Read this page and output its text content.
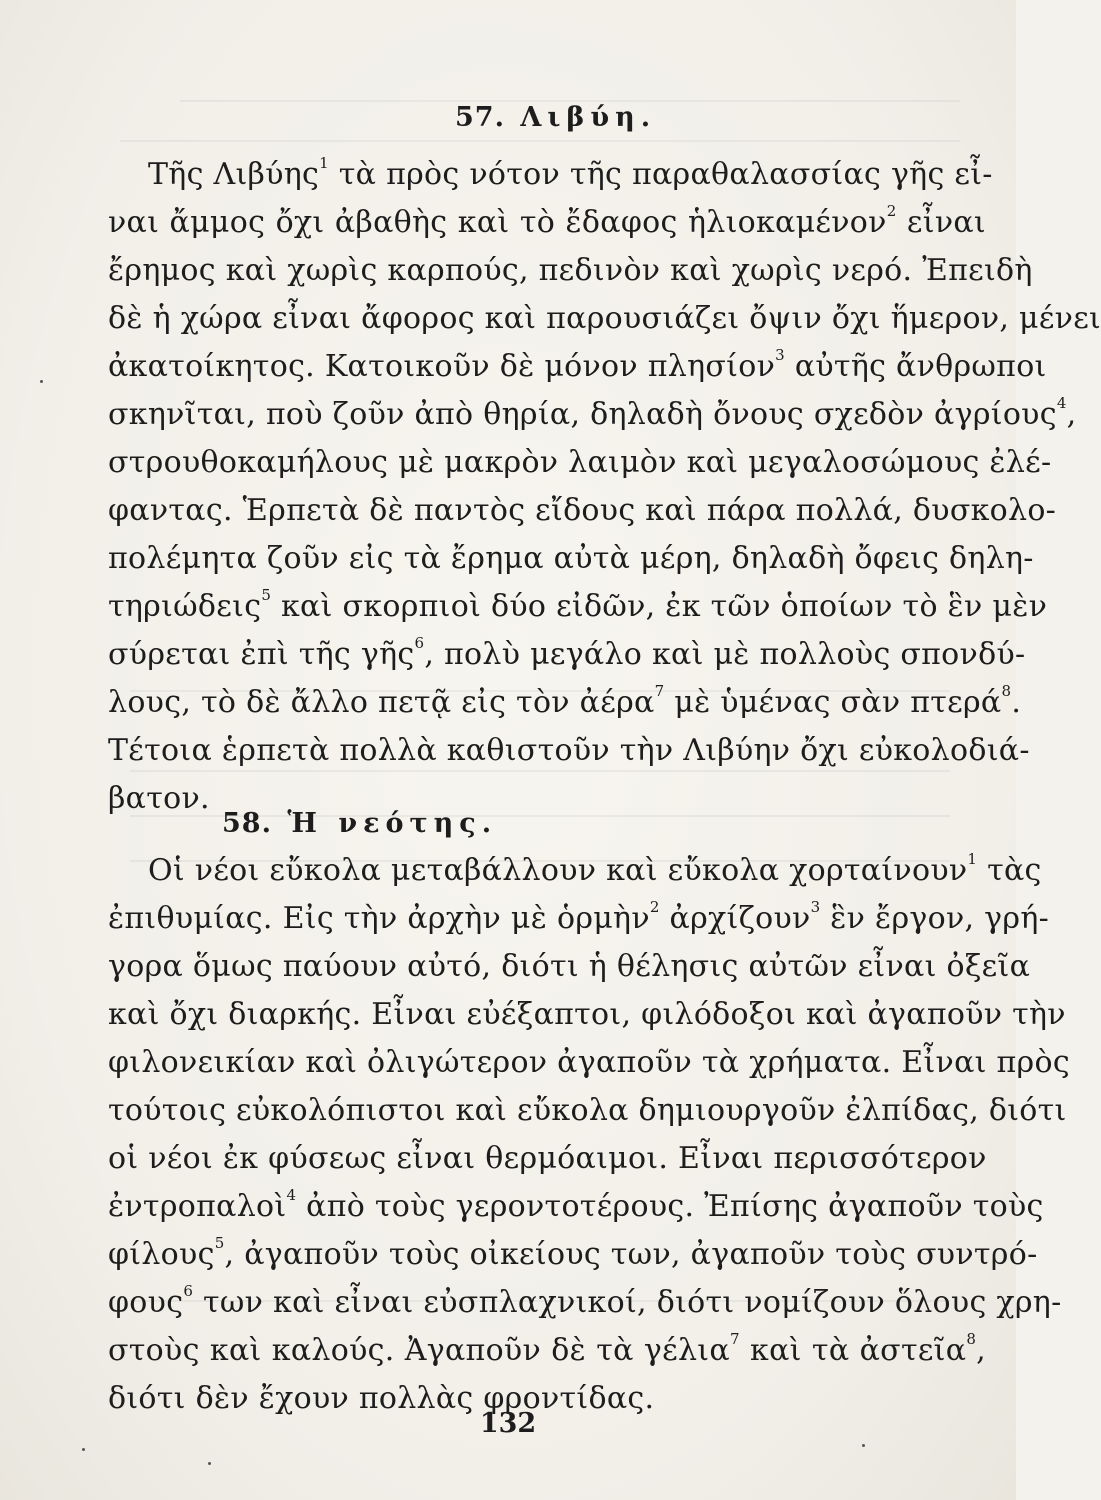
57. Λιβύη.
Τῆς Λιβύης$^1$ τὰ πρὸς νότον τῆς παραθαλασσίας γῆς εἶ-
ναι ἄμμος ὄχι ἀβαθὴς καὶ τὸ ἔδαφος ἡλιοκαμένον$^2$ εἶναι
ἔρημος καὶ χωρὶς καρπούς, πεδινὸν καὶ χωρὶς νερό. Ἐπειδὴ
δὲ ἡ χώρα εἶναι ἄφορος καὶ παρουσιάζει ὄψιν ὄχι ἥμερον, μένει
ἀκατοίκητος. Κατοικοῦν δὲ μόνον πλησίον$^3$ αὐτῆς ἄνθρωποι
σκηνῖται, ποὺ ζοῦν ἀπὸ θηρία, δηλαδὴ ὄνους σχεδὸν ἀγρίους$^4$,
στρουθοκαμήλους μὲ μακρὸν λαιμὸν καὶ μεγαλοσώμους ἐλέ-
φαντας. Ἑρπετὰ δὲ παντὸς εἴδους καὶ πάρα πολλά, δυσκολο-
πολέμητα ζοῦν εἰς τὰ ἔρημα αὐτὰ μέρη, δηλαδὴ ὄφεις δηλη-
τηριώδεις$^5$ καὶ σκορπιοὶ δύο εἰδῶν, ἐκ τῶν ὁποίων τὸ ἓν μὲν
σύρεται ἐπὶ τῆς γῆς$^6$, πολὺ μεγάλο καὶ μὲ πολλοὺς σπονδύ-
λους, τὸ δὲ ἄλλο πετᾷ εἰς τὸν ἀέρα$^7$ μὲ ὑμένας σὰν πτερά$^8$.
Τέτοια ἑρπετὰ πολλὰ καθιστοῦν τὴν Λιβύην ὄχι εὐκολοδιά-
βατον.
58. Ἡ νεότης.
Οἱ νέοι εὔκολα μεταβάλλουν καὶ εὔκολα χορταίνουν$^1$ τὰς
ἐπιθυμίας. Εἰς τὴν ἀρχὴν μὲ ὁρμὴν$^2$ ἀρχίζουν$^3$ ἓν ἔργον, γρή-
γορα ὅμως παύουν αὐτό, διότι ἡ θέλησις αὐτῶν εἶναι ὀξεῖα
καὶ ὄχι διαρκής. Εἶναι εὐέξαπτοι, φιλόδοξοι καὶ ἀγαποῦν τὴν
φιλονεικίαν καὶ ὀλιγώτερον ἀγαποῦν τὰ χρήματα. Εἶναι πρὸς
τούτοις εὐκολόπιστοι καὶ εὔκολα δημιουργοῦν ἐλπίδας, διότι
οἱ νέοι ἐκ φύσεως εἶναι θερμόαιμοι. Εἶναι περισσότερον
ἐντροπαλοὶ$^4$ ἀπὸ τοὺς γεροντοτέρους. Ἐπίσης ἀγαποῦν τοὺς
φίλους$^5$, ἀγαποῦν τοὺς οἰκείους των, ἀγαποῦν τοὺς συντρό-
φους$^6$ των καὶ εἶναι εὐσπλαχνικοί, διότι νομίζουν ὅλους χρη-
στοὺς καὶ καλούς. Ἀγαποῦν δὲ τὰ γέλια$^7$ καὶ τὰ ἀστεῖα$^8$,
διότι δὲν ἔχουν πολλὰς φροντίδας.
132
